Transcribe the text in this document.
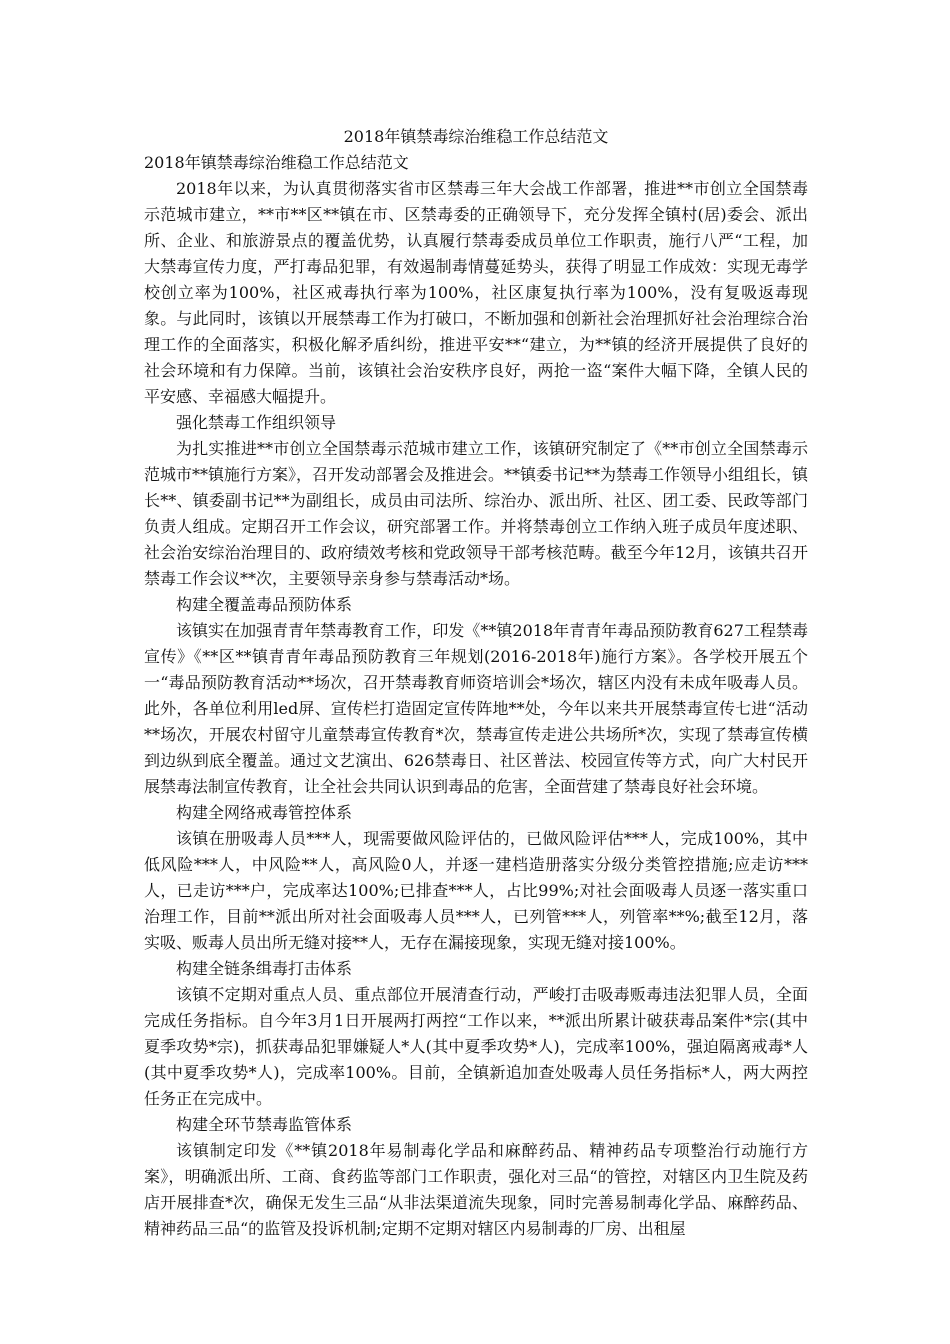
2018年镇禁毒综治维稳工作总结范文
2018年镇禁毒综治维稳工作总结范文

2018年以来，为认真贯彻落实省市区禁毒三年大会战工作部署，推进**市创立全国禁毒示范城市建立，**市**区**镇在市、区禁毒委的正确领导下，充分发挥全镇村(居)委会、派出所、企业、和旅游景点的覆盖优势，认真履行禁毒委成员单位工作职责，施行八严“工程，加大禁毒宣传力度，严打毒品犯罪，有效遏制毒情蔓延势头，获得了明显工作成效：实现无毒学校创立率为100%，社区戒毒执行率为100%，社区康复执行率为100%，没有复吸返毒现象。与此同时，该镇以开展禁毒工作为打破口，不断加强和创新社会治理抓好社会治理综合治理工作的全面落实，积极化解矛盾纠纷，推进平安**“建立，为**镇的经济开展提供了良好的社会环境和有力保障。当前，该镇社会治安秩序良好，两抢一盗“案件大幅下降，全镇人民的平安感、幸福感大幅提升。

强化禁毒工作组织领导

为扎实推进**市创立全国禁毒示范城市建立工作，该镇研究制定了《**市创立全国禁毒示范城市**镇施行方案》，召开发动部署会及推进会。**镇委书记**为禁毒工作领导小组组长，镇长**、镇委副书记**为副组长，成员由司法所、综治办、派出所、社区、团工委、民政等部门负责人组成。定期召开工作会议，研究部署工作。并将禁毒创立工作纳入班子成员年度述职、社会治安综治治理目的、政府绩效考核和党政领导干部考核范畴。截至今年12月，该镇共召开禁毒工作会议**次，主要领导亲身参与禁毒活动*场。

构建全覆盖毒品预防体系

该镇实在加强青青年禁毒教育工作，印发《**镇2018年青青年毒品预防教育627工程禁毒宣传》《**区**镇青青年毒品预防教育三年规划(2016-2018年)施行方案》。各学校开展五个一“毒品预防教育活动**场次，召开禁毒教育师资培训会*场次，辖区内没有未成年吸毒人员。此外，各单位利用led屏、宣传栏打造固定宣传阵地**处，今年以来共开展禁毒宣传七进“活动**场次，开展农村留守儿童禁毒宣传教育*次，禁毒宣传走进公共场所*次，实现了禁毒宣传横到边纵到底全覆盖。通过文艺演出、626禁毒日、社区普法、校园宣传等方式，向广大村民开展禁毒法制宣传教育，让全社会共同认识到毒品的危害，全面营建了禁毒良好社会环境。

构建全网络戒毒管控体系

该镇在册吸毒人员***人，现需要做风险评估的，已做风险评估***人，完成100%，其中低风险***人，中风险**人，高风险0人，并逐一建档造册落实分级分类管控措施;应走访***人，已走访***户，完成率达100%;已排查***人，占比99%;对社会面吸毒人员逐一落实重口治理工作，目前**派出所对社会面吸毒人员***人，已列管***人，列管率**%;截至12月，落实吸、贩毒人员出所无缝对接**人，无存在漏接现象，实现无缝对接100%。

构建全链条缉毒打击体系

该镇不定期对重点人员、重点部位开展清查行动，严峻打击吸毒贩毒违法犯罪人员，全面完成任务指标。自今年3月1日开展两打两控“工作以来，**派出所累计破获毒品案件*宗(其中夏季攻势*宗)，抓获毒品犯罪嫌疑人*人(其中夏季攻势*人)，完成率100%，强迫隔离戒毒*人(其中夏季攻势*人)，完成率100%。目前，全镇新追加查处吸毒人员任务指标*人，两大两控任务正在完成中。

构建全环节禁毒监管体系

该镇制定印发《**镇2018年易制毒化学品和麻醉药品、精神药品专项整治行动施行方案》，明确派出所、工商、食药监等部门工作职责，强化对三品“的管控，对辖区内卫生院及药店开展排查*次，确保无发生三品“从非法渠道流失现象，同时完善易制毒化学品、麻醉药品、精神药品三品“的监管及投诉机制;定期不定期对辖区内易制毒的厂房、出租屋
